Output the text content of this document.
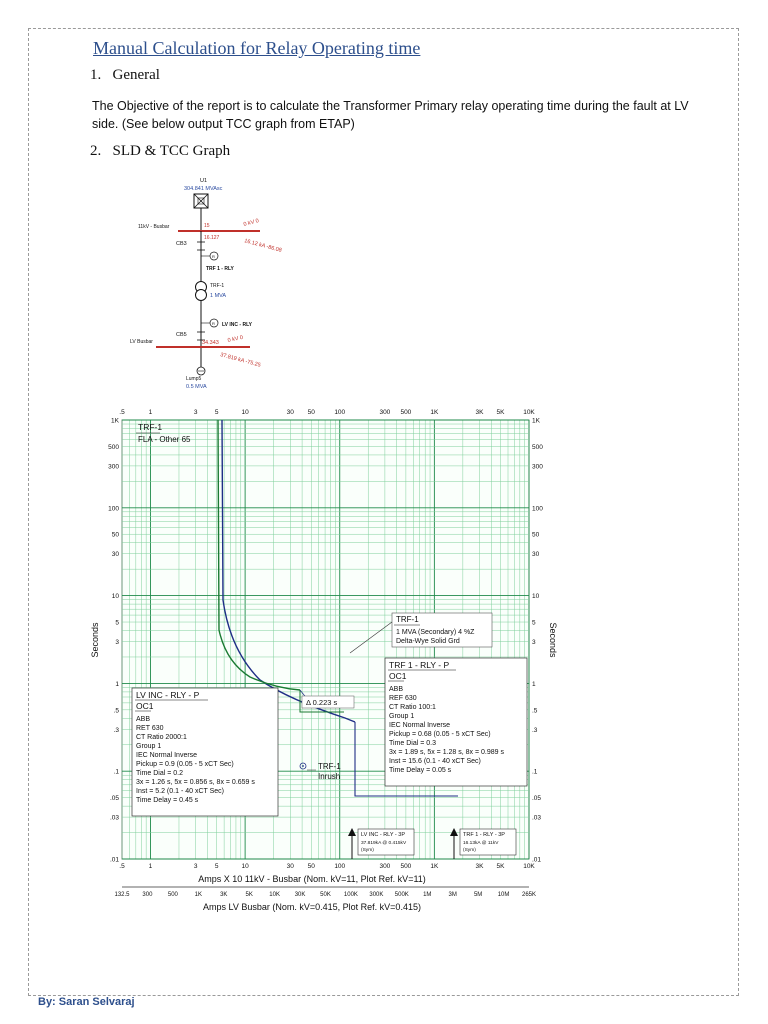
Manual Calculation for Relay Operating time
1. General
The Objective of the report is to calculate the Transformer Primary relay operating time during the fault at LV side. (See below output TCC graph from ETAP)
2. SLD & TCC Graph
U1
304.841 MVAsc
11kV - Busbar	15
16.127
0 kV 0
16.12 kA -86.08
CB3
R
TRF 1 - RLY
TRF-1
1 MVA
R LV INC - RLY
CB5
LV Busbar	34.343 0 kV 0
37.819 kA -75.25
Lump5
0.5 MVA
.5	1	3	5	10	30 50	100	300 500	1K	3K 5K	10K
.5	1	3	5	10	30 50	100	300 500	1K	3K 5K	10K
132.5 300	500	1K	3K	5K	10K 30K 50K 100K 300K 500K 1M	3M	5M	10M 265K
1K	1K
500	500
300	300
100	100
50	50
30	30
10	10
5	5
3	3
1	1
.5	.5
.3	.3
.1	.1
.05	.05
.03	.03
.01	.01
Seconds	Seconds
Amps X 10 11kV - Busbar (Nom. kV=11, Plot Ref. kV=11)
Amps LV Busbar (Nom. kV=0.415, Plot Ref. kV=0.415)
TRF-1
FLA - Other 65
TRF-1
1 MVA (Secondary) 4 %Z
Delta-Wye Solid Grd
TRF 1 - RLY - P
OC1
ABB
REF 630
CT Ratio 100:1
Group 1
IEC Normal Inverse
Pickup = 0.68 (0.05 - 5 xCT Sec)
Time Dial = 0.3
3x = 1.89 s, 5x = 1.28 s, 8x = 0.989 s
Inst = 15.6 (0.1 - 40 xCT Sec)
Time Delay = 0.05 s
LV INC - RLY - P
OC1
ABB
RET 630
CT Ratio 2000:1
Group 1
IEC Normal Inverse
Pickup = 0.9 (0.05 - 5 xCT Sec)
Time Dial = 0.2
3x = 1.26 s, 5x = 0.856 s, 8x = 0.659 s
Inst = 5.2 (0.1 - 40 xCT Sec)
Time Delay = 0.45 s
Δ 0.223 s
TRF-1
Inrush
LV INC - RLY - 3P
37.819kA @ 0.415kV
(Sym)
TRF 1 - RLY - 3P
16.13kA @ 11kV
(Sym)
By: Saran Selvaraj
